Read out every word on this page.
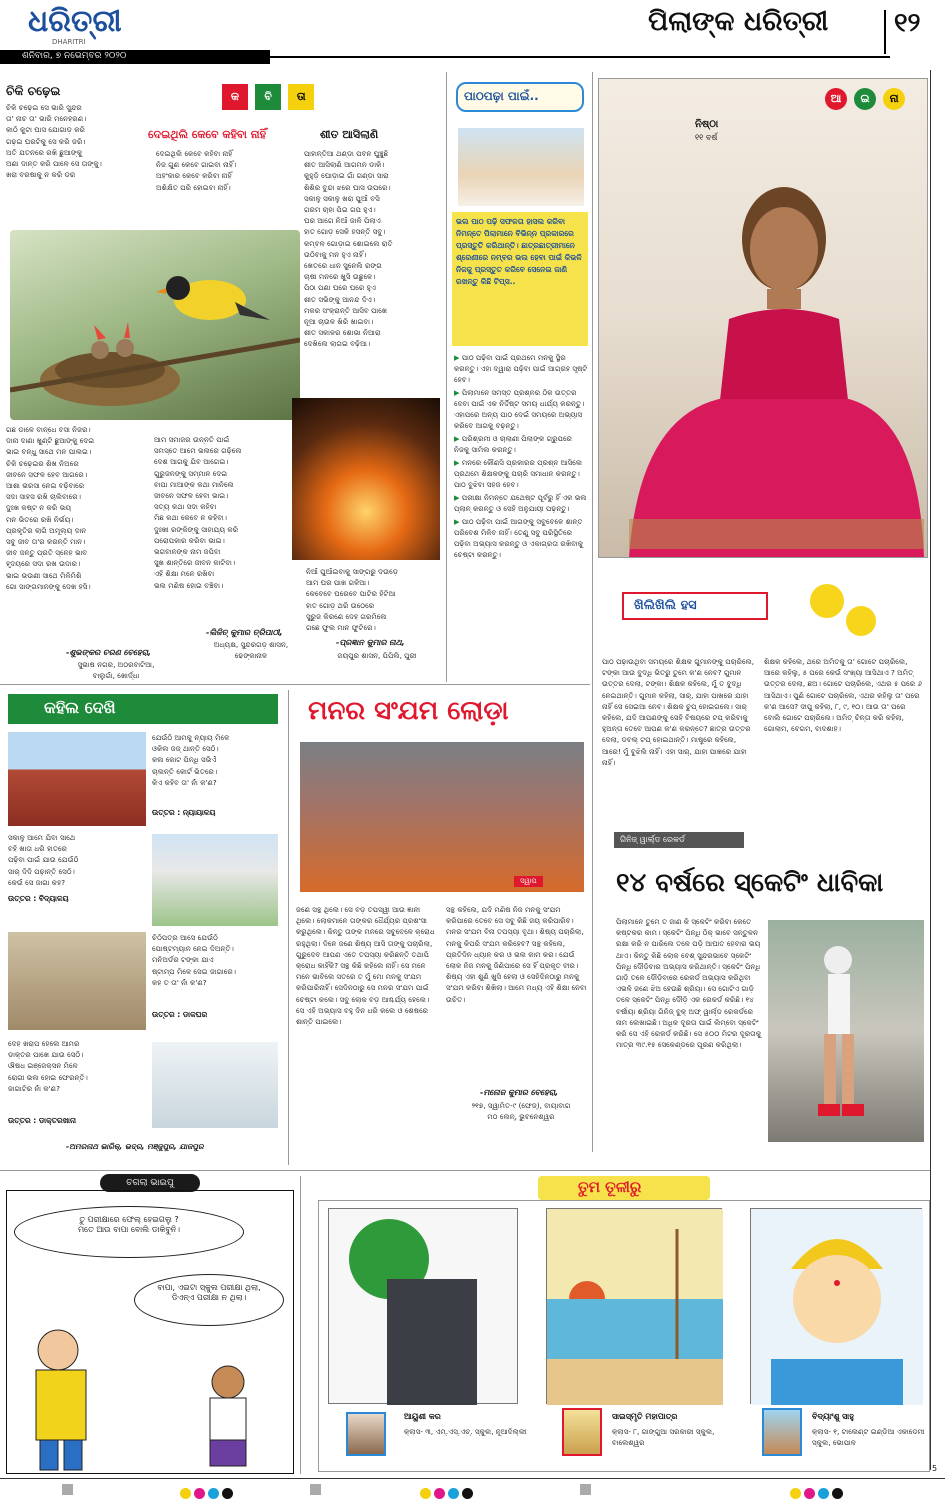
ଧରିତ୍ରୀ
DHARITRI
ଶନିବାର, ୭ ନଭେମ୍ବର ୨୦୨୦
ପିଲାଙ୍କ ଧରିତ୍ରୀ	୧୨
କ ବି ତା
ଚିକି ଚଢ଼େଇ
ଚିକି ଚଢ଼େଇ ସେ ଭାରି ସୁନ୍ଦର
ତା' ନାଚ ତା' ଭାରି ମନେହରଣ।
କାଠି କୁଟା ଘାସ ଯୋଗାଡ଼ କରି
ଗଢ଼ଇ ଘରଟିକୁ ସେ କରି ଜରି।
ଅତି ଯତନରେ ରଖି ଛୁଆଙ୍କୁ
ଅଣା ଦାନ୍ତ କରି ପାଳେ ସେ ତାଙ୍କୁ।
ଖରା ବରଷାକୁ ନ କରି ଡର
ଦେଇଥିଲି କେବେ କହିବା ନାହିଁ
ଦେଇଥିଲି କେବେ କହିବା ନାହିଁ
ନିଜ ଗୁଣ କେବେ ଗାଇବା ନାହିଁ।
ଅହଂକାର କେବେ କରିବା ନାହିଁ
ଅଶିକ୍ଷିତ ପରି ହୋଇବା ନାହିଁ।
ଶୀତ ଆସିଲାଣି
ପାହାନ୍ତିଆ ଥଣ୍ଡା ପବନ ଘୁଞ୍ଚୁଛି
ଶୀତ ଆସିଲାଣି ଆଗମନ ଡାକି।
କୁହୁଡ଼ି ଘୋଡ଼ାଇ ଗାଁ ଗଣ୍ଡା ସାରା
ଶିଶିର ବୁନ୍ଦା ଝରେ ଘାସ ଉପରେ।
ସକାଳୁ ସକାଳୁ ଖରା ପୁଆଁ ବସି
ଗରମ ଚାହା ପିଇ ଗପ ହୁଏ।
ଘର ଆଗେ ନିଆଁ ଜାଳି ପିଲାଏ
ହାତ ଗୋଡ଼ ସେକି ହସନ୍ତି ସବୁ।
କମ୍ବଳ ଗୋଡ଼ାଇ ଶୋଇଲେ ରାତି
ଉଠିବାକୁ ମନ ହୁଏ ନାହିଁ।
ଖେତରେ ଧାନ ସୁନେଲି ରଙ୍ଗ
ଚାଷୀ ମନରେ ଖୁସି ଉଛୁଳେ।
ପିଠା ପଣା ଘରେ ଘରେ ହୁଏ
ଶୀତ ସଭିଙ୍କୁ ଆନନ୍ଦ ଦିଏ।
ମକର ସଂକ୍ରାନ୍ତି ଆସିବ ପାଖେ
ନୂଆ ଚାଉଳ ଖିରି ଖାଇବା।
ଶୀତ ସକାଳର ଶୋଭା ନିଆରା
ଦେଖିଲେ ଲାଗଇ ବଢ଼ିଆ।
ଗଛ ଡାଳେ ବାନ୍ଧେ ବସା ନିଜର।
ଦାନା ଦାଣା ଖୁଣ୍ଟି ଛୁଆଙ୍କୁ ଦେଇ
ଭାଇ ବନ୍ଧୁ ସାଥେ ମନ ପାଲଇ।
ଚିକି ଚଢ଼େଇର ଶିଖ ନିଅରେ
ଜୀବନେ ସଫଳ ହେବ ଆଗରେ।
ଆଶା ଭରସା ନେଇ ବଢ଼ିବାରେ
ସଦା ସାହସ ରଖି ଚାଲିବାରେ।
ଦୁଃଖ କଷ୍ଟ ନ କରି ଭୟ
ମନ ଭିତରେ ରଖି ନିର୍ଭୟ।
ପ୍ରକୃତିର ଲାଗି ଅମୂଲ୍ୟ ଦାନ
ସବୁ ଜୀବ ତା'ର କରନ୍ତି ମାନ।
ଜୀବ ଜନ୍ତୁ ପ୍ରତି ସ୍ନେହ ଭାବ
ହୃଦୟରେ ସଦା ରଖ ଉଦାର।
ଭାଇ ଭଉଣୀ ସାଥେ ମିଳିମିଶି
ଗୋ ସାଙ୍ଗମାନଙ୍କୁ ଦେଖ ହସି।
ଆମ ସମାଜର ଉନ୍ନତି ପାଇଁ
ସମସ୍ତେ ଆମେ ଭଲରେ ଗଢ଼ିଲେ
ଦେଶ ଆଗକୁ ଯିବ ଆଗେଇ।
ଗୁରୁଜନଙ୍କୁ ସମ୍ମାନ ଦେଇ
ବାପା ମାଆଙ୍କ କଥା ମାନିଲେ
ଜୀବନେ ସଫଳ ହେବା ଭାଇ।
ସତ୍ୟ କଥା ସଦା କହିବା
ମିଛ କଥା କେବେ ନ କହିବା।
ଦୁଃଖୀ ରଙ୍କିଙ୍କୁ ସାହାଯ୍ୟ କରି
ପରୋପକାର କରିବା ଭାଇ।
ଭଗବାନଙ୍କ ନାମ ଜପିବା
ସୁଖ ଶାନ୍ତିରେ ଜୀବନ କାଟିବା।
ଏହି ଶିକ୍ଷା ମନେ ରଖିବା
ଭଲ ମଣିଷ ହୋଇ ବଞ୍ଚିବା।
ନିଆଁ ପୁଆଁଇବାକୁ ସାଙ୍ଗରୁ ଦଉଡ଼େ
ଆମ ଘର ପାଖ ଗଳିଆ।
କେବେବେ ଘରେବେ ପାଟିର ହିଟିଆ
ହାତ ଗୋଡ଼ ଥରି ଉଠେରେ
ସୁରୁଜ କିରଣେ ଦେହ ଗରମିଲେ
ଗଛେ ଫୁଲ ମାନ ଫୁଟିରେ।
-ଶୁଭଙ୍କର ଚରଣ ବେହେରା,
ସୁଭାଷ ନଗର, ଅଠରବାଟିଆ,
ବାଲୁଗାଁ, ଖୋର୍ଦ୍ଧା
-ଲିଜିତ୍ କୁମାର ତ୍ରିପାଠୀ,
ଅଧ୍ୟକ୍ଷ, ସୁନ୍ଦରଗଡ଼ ଶାସନ,
ଢେଙ୍କାନାଳ
-ପ୍ରଜ୍ଞାନ କୁମାର ନାଥ,
ଜୟପୁର ଶାସନ, ପିପିଲି, ପୁରୀ
ପାଠପଢ଼ା ପାଇଁ..
ଭଲ ପାଠ ପଢ଼ି ସଫଳତା ହାସଲ କରିବା ନିମନ୍ତେ ପିଲାମାନେ ବିଭିନ୍ନ ପ୍ରକାରରେ ପ୍ରସ୍ତୁତି କରିଥାନ୍ତି। ଛାତ୍ରଛାତ୍ରୀମାନେ ଶ୍ରେଣୀରେ ନମ୍ବର ଭଲ ହେବା ପାଇଁ କିଭଳି ନିଜକୁ ପ୍ରସ୍ତୁତ କରିବେ ସେନେଇ ଜାଣି ରଖନ୍ତୁ କିଛି ଟିପ୍ସ..
▶ ପାଠ ପଢ଼ିବା ପାଇଁ ପ୍ରଥମେ ମନକୁ ସ୍ଥିର କରନ୍ତୁ। ଏହା ଦ୍ୱାରା ପଢ଼ିବା ପାଇଁ ଆଗ୍ରହ ସୃଷ୍ଟି ହେବ।
▶ ପିଲାମାନେ ସମସ୍ତ ପ୍ରଶ୍ନର ଠିକ ଉତ୍ତର ଦେବା ପାଇଁ ଏକ ନିର୍ଦ୍ଦିଷ୍ଟ ସମୟ ଧାର୍ଯ୍ୟ କରନ୍ତୁ। ଏହାପରେ ଅନ୍ୟ ପାଠ ଦେଇଁ ସମୟରେ ଅଭ୍ୟାସ କରିବେ ଆଗକୁ ବଢ଼ନ୍ତୁ।
▶ ପରିଶ୍ରମୀ ଓ ଚାଲାଣୀ ପିଲାଙ୍କ ଗ୍ରୁପରେ ନିଜକୁ ସାମିଲ କରନ୍ତୁ।
▶ ମନରେ କୌଣସି ପ୍ରକାରର ପ୍ରଶ୍ନ ଆସିଲେ ପ୍ରଥମେ ଶିକ୍ଷକଙ୍କୁ ପଚାରି ସମାଧାନ କରନ୍ତୁ। ପାଠ ବୁଝିବା ସହଜ ହେବ।
▶ ପରୀକ୍ଷା ନିମନ୍ତେ ଯଥେଷ୍ଟ ପୂର୍ବରୁ ହିଁ ଏକ ଭଲ ପ୍ଲାନ୍ କରନ୍ତୁ ଓ ସେହି ଅନୁଯାୟୀ ପଢ଼ନ୍ତୁ।
▶ ପାଠ ପଢ଼ିବା ପାଇଁ ଆଗଙ୍କୁ ସବୁବେଳେ ଶାନ୍ତ ପରିବେଶ ମିଳିବ ନାହିଁ। ତେଣୁ ସବୁ ପରିସ୍ଥିତିରେ ପଢ଼ିବା ଅଭ୍ୟାସ କରନ୍ତୁ ଓ ଏକାଗ୍ରତା ରଖିବାକୁ ଚେଷ୍ଟା କରନ୍ତୁ।
ଆ ଇ ନା
ନିଷ୍ଠା
୧୧ ବର୍ଷ
ଖିଲିଖିଲି ହସ
ପାଠ ପଢ଼ାଉଥିବା ସମୟରେ ଶିକ୍ଷକ ଗୁମାନଙ୍କୁ ପଚାରିଲେ, ଟଙ୍କା ଆଉ ବୁଦ୍ଧି ଭିତରୁ ତୁମେ କ'ଣ ନେବ? ଗୁମାନ ଉତ୍ତର ଦେଲା, ଟଙ୍କା। ଶିକ୍ଷକ କହିଲେ, ମୁଁ ତ ବୁଦ୍ଧି ନେଇଥାନ୍ତି। ଗୁମାନ କହିଲା, ସାର୍, ଯାହା ପାଖରେ ଯାହା ନାହିଁ ସେ ସେଇଆ ନେବ। ଶିକ୍ଷକ ଚୁପ୍ ହୋଇଗଲେ। ସାର୍ କହିଲେ, ଯଦି ଆପଣଙ୍କୁ ସେହି ବିଷୟରେ ଟପ୍ କରିବାକୁ ହୁଅନ୍ତା ତେବେ ଆପଣ କ'ଣ କରନ୍ତେ? ଛାତ୍ର ଉତ୍ତର ଦେଲା, ଡବଲ୍ ଟପ୍ ହୋଇଥାନ୍ତି। ମାଷ୍ଟ୍ରେ କହିଲେ, ଆରେ! ମୁଁ ବୁଝିଲି ନାହିଁ। ଏହା ସାର୍, ଯାହା ପାଖରେ ଯାହା ନାହିଁ।
ଶିକ୍ଷକ କହିଲେ, ଥରେ ଅମିତକୁ ତା' ଗୋଟେ ପଚାରିଲେ, ଆରେ କହିଲୁ, ୫ ପରେ କେଉଁ ସଂଖ୍ୟା ଆସିଥାଏ ? ଅମିତ୍ ଉତ୍ତର ଦେଲା, ଛଅ। ଗୋଟେ ପଚାରିଲେ, ଏଥର ୫ ପରେ ୬ ଆସିଥାଏ। ପୁଣି ଗୋଟେ ପଚାରିଲେ, ଏଥର କହିଲୁ ତା' ପରେ କ'ଣ ଆସେ? ଦୀପୁ କହିଲା, ୮, ୯, ୧୦। ଆଉ ତା' ପରେ ବୋଲି ଗୋଟେ ପଚାରିଲେ। ଅମିତ୍ ଚିନ୍ତା କରି କହିଲା, ଗୋଲାମ, ବେଗମ, ବାଦଶାହ।
ଗିନିଜ୍ ୱାର୍ଲ୍ଡ ରେକର୍ଡ
୧୪ ବର୍ଷରେ ସ୍କେଟିଂ ଧାବିକା
ପିଲାମାନେ ତୁମେ ତ ଜାଣ କି ସ୍କେଟିଂ କରିବା କେତେ କଷ୍ଟକର କାମ। ସ୍କେଟିଂ ପିନ୍ଧି ଠିକ୍ ଭାବେ ସନ୍ତୁଳନ ରକ୍ଷା କରି ନ ପାରିଲେ ତଳେ ପଡ଼ି ଆଘାତ ହେବାର ଭୟ ଥାଏ। କିନ୍ତୁ କିଛି ଲୋକ ବେଶ୍ ସୁନ୍ଦରଭାବେ ସ୍କେଟିଂ ପିନ୍ଧି ଦୌଡ଼ିବାର ଅଭ୍ୟାସ କରିଥାନ୍ତି। ସ୍କେଟିଂ ପିନ୍ଧି ଗାଡ଼ି ତଳେ ଦୌଡ଼ିବାରେ ରେକର୍ଡ ଅଭ୍ୟାସ କରିଥିବା ଏଭଳି ଜଣେ ଝିଅ ହେଉଛି ଶ୍ରିୟା। ସେ ଗୋଟିଏ ଗାଡ଼ି ତଳେ ସ୍କେଟିଂ ପିନ୍ଧି ଦୌଡ଼ି ଏକ ରେକର୍ଡ କରିଛି। ୧୪ ବର୍ଷୀୟା ଶ୍ରିୟା ଗିନିଜ୍ ବୁକ୍ ଅଫ୍ ୱାର୍ଲ୍ଡ ରେକର୍ଡରେ ନାମ ଲେଖାଇଛି। ଅଧିକ ଦୂରତା ପାଇଁ ଲିମ୍ବୋ ସ୍କେଟିଂ କରି ସେ ଏହି ରେକର୍ଡ କରିଛି। ସେ ୫୦୦ ମିଟର ଦୂରତାକୁ ମାତ୍ର ୩୯.୧୫ ସେକେଣ୍ଡରେ ପୂରଣ କରିଥିଲା।
କହିଲ ଦେଖି
ଯେଉଁଠି ଆମକୁ ନ୍ୟାୟ ମିଳେ
ଓକିଲ ଜଜ୍ ଥାନ୍ତି ସେଠି।
କଳା କୋଟ ପିନ୍ଧି ସଭିଏଁ
ଚାଲନ୍ତି କୋର୍ଟ ଭିତରେ।
କିଏ କହିବ ତା' ନାଁ କ'ଣ?
ଉତ୍ତର : ନ୍ୟାୟାଳୟ
ସକାଳୁ ଆମେ ଯିବା ସାଥେ
ବହି ଖାତା ଧରି ହାତରେ
ପଢ଼ିବା ପାଇଁ ଯାଉ ଯେଉଁଠି
ସାର୍ ଦିଦି ପଢ଼ାନ୍ତି ସେଠି।
କେଉଁ ସେ ଜାଗା କହ?
ଉତ୍ତର : ବିଦ୍ୟାଳୟ
ଚିଠିପତ୍ର ଆସେ ଯେଉଁଠି
ପୋଷ୍ଟମ୍ୟାନ ନେଇ ଦିଅନ୍ତି।
ମନିଅର୍ଡର ଟଙ୍କା ଯାଏ
ଷ୍ଟାମ୍ପ ମିଳେ ସେଇ ଜାଗାରେ।
କହ ତ ତା' ନାଁ କ'ଣ?
ଉତ୍ତର : ଡାକଘର
ଦେହ ଖରାପ ହେଲେ ଆମର
ଡାକ୍ତର ପାଖେ ଯାଉ ସେଠି।
ଔଷଧ ଇଞ୍ଜେକ୍ସନ ମିଳେ
ରୋଗୀ ଭଲ ହୋଇ ଫେରନ୍ତି।
ଜାଗାଟିର ନାଁ କ'ଣ?
ଉତ୍ତର : ଡାକ୍ତରଖାନା
-ଅମରନାଥ ଭାରିକ୍, ଭଦ୍ର, ମଞ୍ଜୁପୁର, ଯାଜପୁର
ମନର ସଂଯମ ଲୋଡ଼ା
ସ୍ୱାପ
ଜଣେ ସନ୍ଥ ଥିଲେ। ସେ ବଡ଼ ତପସ୍ୱୀ ଆଉ ଜ୍ଞାନୀ ଥିଲେ। ଲୋକମାନେ ତାଙ୍କର ଧୈର୍ଯ୍ୟର ପ୍ରଶଂସା କରୁଥିଲେ। କିନ୍ତୁ ତାଙ୍କ ମନରେ ସବୁବେଳେ କ୍ରୋଧ ରହୁଥିଲା। ଦିନେ ଜଣେ ଶିଷ୍ୟ ଆସି ତାଙ୍କୁ ପଚାରିଲା, ଗୁରୁଦେବ ଆପଣ ଏତେ ତପସ୍ୟା କରିଛନ୍ତି ତଥାପି କ୍ରୋଧ କାହିଁକି? ସନ୍ଥ କିଛି କହିଲେ ନାହିଁ। ସେ ମନେ ମନେ ଭାବିଲେ ସତରେ ତ ମୁଁ ମୋ ମନକୁ ସଂଯମ କରିପାରିନାହିଁ। ସେଦିନଠାରୁ ସେ ମନର ସଂଯମ ପାଇଁ ଚେଷ୍ଟା କଲେ। ସବୁ ଲୋକ ବଡ଼ ଆଶ୍ଚର୍ଯ୍ୟ ହେଲେ। ସେ ଏହି ଅଭ୍ୟାସ ବହୁ ଦିନ ଧରି କଲେ ଓ ଶେଷରେ ଶାନ୍ତି ପାଇଲେ।
ସନ୍ଥ କହିଲେ, ଯଦି ମଣିଷ ନିଜ ମନକୁ ସଂଯମ କରିପାରେ ତେବେ ସେ ସବୁ କିଛି ଜୟ କରିପାରିବ। ମନର ସଂଯମ ବିନା ତପସ୍ୟା ବୃଥା। ଶିଷ୍ୟ ପଚାରିଲା, ମନକୁ କିପରି ସଂଯମ କରିହେବ? ସନ୍ଥ କହିଲେ, ପ୍ରତିଦିନ ଧ୍ୟାନ କର ଓ ଭଲ କାମ କର। ଯେଉଁ ଲୋକ ନିଜ ମନକୁ ଜିଣିପାରେ ସେ ହିଁ ପ୍ରକୃତ ବୀର। ଶିଷ୍ୟ ଏହା ଶୁଣି ଖୁସି ହେଲା ଓ ସେହିଦିନଠାରୁ ମନକୁ ସଂଯମ କରିବା ଶିଖିଲା। ଆମେ ମଧ୍ୟ ଏହି ଶିକ୍ଷା ନେବା ଉଚିତ।
-ମନୋଜ କୁମାର ବେହେରା,
୨୧୭, ସ୍ୱାମିତ-୯ (ଫେଜ୍), ବାୟାବାଗ
ମଠ ଲେନ୍, ଭୁବନେଶ୍ୱର
ଚଗଲା ଭାଇପୁ
ତୁ ପରୀକ୍ଷାରେ ଫେଲ୍ ହେଇଗଲୁ ?
ମତେ ଆଉ ବାପା ବୋଲି ଡାକିବୁନି।
ବାପା, ଏଇଟା ସ୍କୁଲ ପରୀକ୍ଷା ଥିଲା,
ଡିଏନ୍ଏ ପରୀକ୍ଷା ନ ଥିଲା।
ତୁମ ତୂଳୀରୁ
ଆୟୁଶୀ କର
କ୍ଲାସ- ୩, ଏମ୍.ଏସ୍.ଏଚ୍. ସ୍କୁଲ, ନୂଆଦିଲ୍ଲୀ
ସାଇସ୍ମୃତି ମହାପାତ୍ର
କ୍ଲାସ- ୮, ଗାଙ୍ଗୁଆ ସରକାରୀ ସ୍କୁଲ, ବାଲେଶ୍ୱର
ବିଦ୍ୟାଂଶୁ ସାହୁ
କ୍ଲାସ- ୧, ଟାଲେଣ୍ଟ ଇଣ୍ଡିଆ ଏକାଡେମୀ ସ୍କୁଲ, ଭୋପାଳ
5
